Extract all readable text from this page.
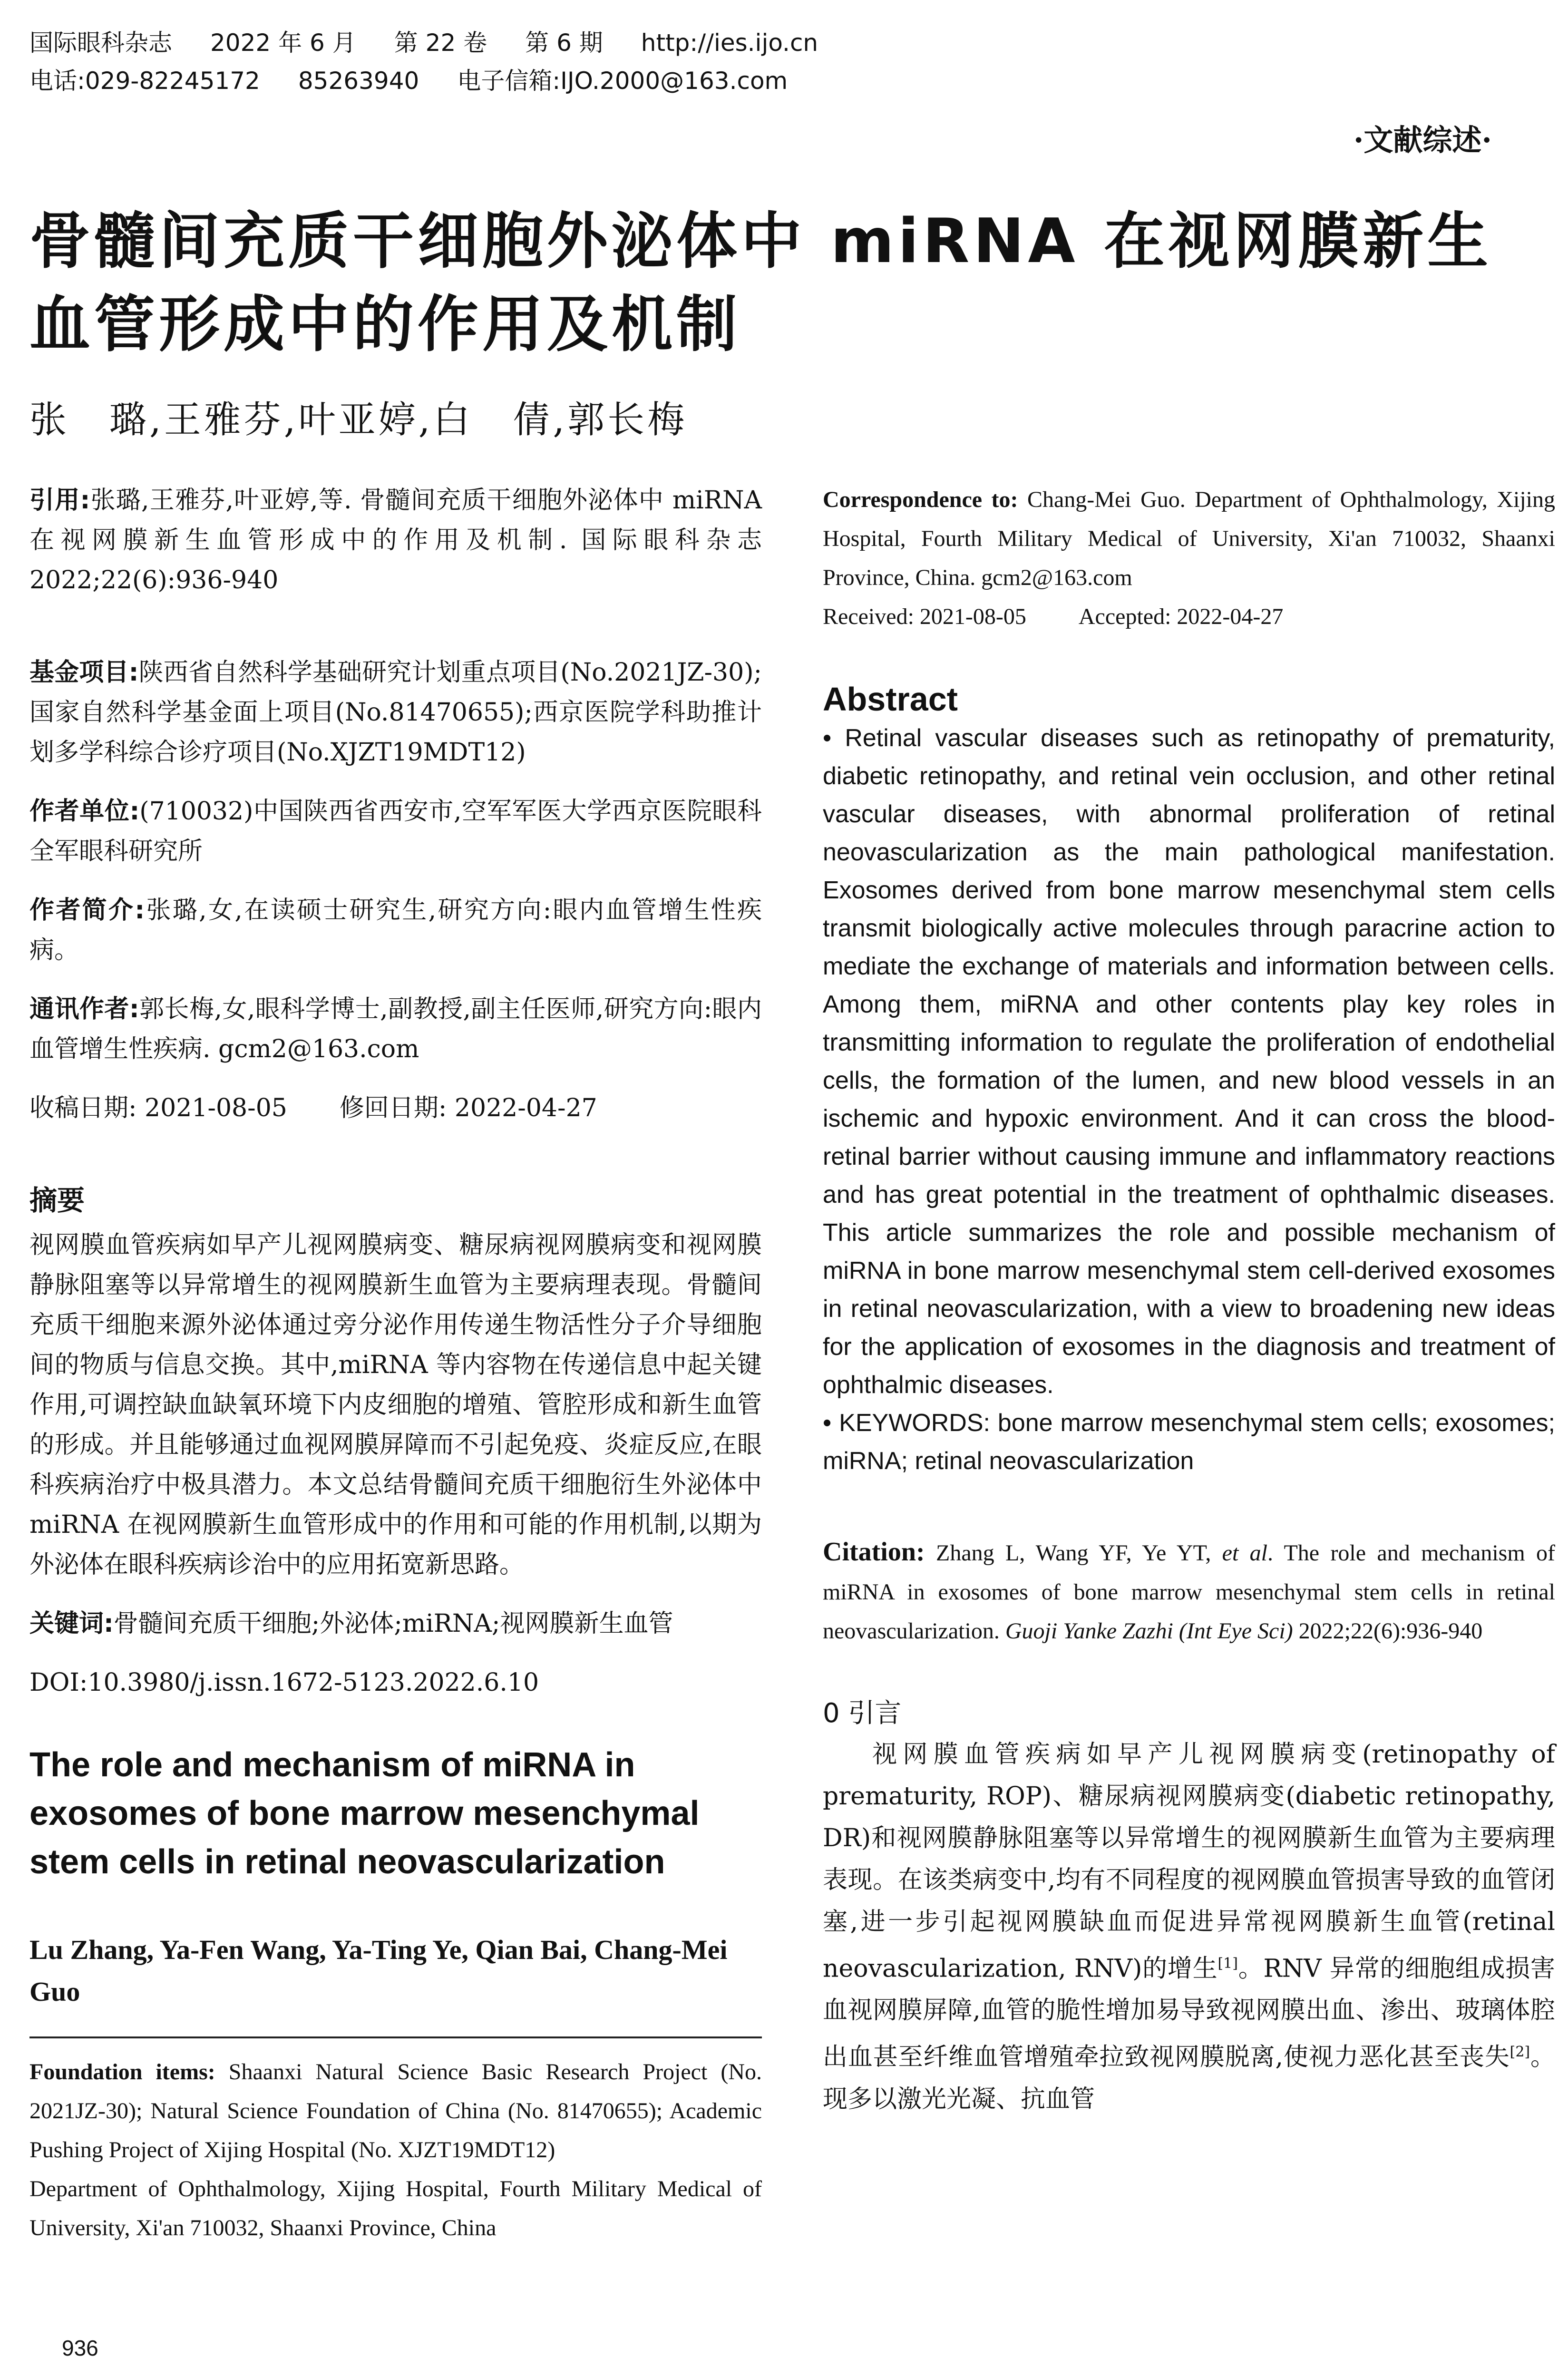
国际眼科杂志 2022 年 6 月 第 22 卷 第 6 期 http://ies.ijo.cn
电话:029-82245172 85263940 电子信箱:IJO.2000@163.com
·文献综述·
骨髓间充质干细胞外泌体中 miRNA 在视网膜新生血管形成中的作用及机制
张　璐,王雅芬,叶亚婷,白　倩,郭长梅
引用:张璐,王雅芬,叶亚婷,等. 骨髓间充质干细胞外泌体中 miRNA 在视网膜新生血管形成中的作用及机制. 国际眼科杂志 2022;22(6):936-940
基金项目:陕西省自然科学基础研究计划重点项目(No.2021JZ-30);国家自然科学基金面上项目(No.81470655);西京医院学科助推计划多学科综合诊疗项目(No.XJZT19MDT12)
作者单位:(710032)中国陕西省西安市,空军军医大学西京医院眼科 全军眼科研究所
作者简介:张璐,女,在读硕士研究生,研究方向:眼内血管增生性疾病。
通讯作者:郭长梅,女,眼科学博士,副教授,副主任医师,研究方向:眼内血管增生性疾病. gcm2@163.com
收稿日期: 2021-08-05 修回日期: 2022-04-27
摘要
视网膜血管疾病如早产儿视网膜病变、糖尿病视网膜病变和视网膜静脉阻塞等以异常增生的视网膜新生血管为主要病理表现。骨髓间充质干细胞来源外泌体通过旁分泌作用传递生物活性分子介导细胞间的物质与信息交换。其中,miRNA 等内容物在传递信息中起关键作用,可调控缺血缺氧环境下内皮细胞的增殖、管腔形成和新生血管的形成。并且能够通过血视网膜屏障而不引起免疫、炎症反应,在眼科疾病治疗中极具潜力。本文总结骨髓间充质干细胞衍生外泌体中 miRNA 在视网膜新生血管形成中的作用和可能的作用机制,以期为外泌体在眼科疾病诊治中的应用拓宽新思路。
关键词:骨髓间充质干细胞;外泌体;miRNA;视网膜新生血管
DOI:10.3980/j.issn.1672-5123.2022.6.10
The role and mechanism of miRNA in exosomes of bone marrow mesenchymal stem cells in retinal neovascularization
Lu Zhang, Ya-Fen Wang, Ya-Ting Ye, Qian Bai, Chang-Mei Guo
Foundation items: Shaanxi Natural Science Basic Research Project (No. 2021JZ-30); Natural Science Foundation of China (No. 81470655); Academic Pushing Project of Xijing Hospital (No. XJZT19MDT12)
Department of Ophthalmology, Xijing Hospital, Fourth Military Medical of University, Xi'an 710032, Shaanxi Province, China
Correspondence to: Chang-Mei Guo. Department of Ophthalmology, Xijing Hospital, Fourth Military Medical of University, Xi'an 710032, Shaanxi Province, China. gcm2@163.com
Received: 2021-08-05 Accepted: 2022-04-27
Abstract
• Retinal vascular diseases such as retinopathy of prematurity, diabetic retinopathy, and retinal vein occlusion, and other retinal vascular diseases, with abnormal proliferation of retinal neovascularization as the main pathological manifestation. Exosomes derived from bone marrow mesenchymal stem cells transmit biologically active molecules through paracrine action to mediate the exchange of materials and information between cells. Among them, miRNA and other contents play key roles in transmitting information to regulate the proliferation of endothelial cells, the formation of the lumen, and new blood vessels in an ischemic and hypoxic environment. And it can cross the blood-retinal barrier without causing immune and inflammatory reactions and has great potential in the treatment of ophthalmic diseases. This article summarizes the role and possible mechanism of miRNA in bone marrow mesenchymal stem cell-derived exosomes in retinal neovascularization, with a view to broadening new ideas for the application of exosomes in the diagnosis and treatment of ophthalmic diseases.
• KEYWORDS: bone marrow mesenchymal stem cells; exosomes; miRNA; retinal neovascularization
Citation: Zhang L, Wang YF, Ye YT, et al. The role and mechanism of miRNA in exosomes of bone marrow mesenchymal stem cells in retinal neovascularization. Guoji Yanke Zazhi (Int Eye Sci) 2022;22(6):936-940
0 引言
视网膜血管疾病如早产儿视网膜病变(retinopathy of prematurity, ROP)、糖尿病视网膜病变(diabetic retinopathy, DR)和视网膜静脉阻塞等以异常增生的视网膜新生血管为主要病理表现。在该类病变中,均有不同程度的视网膜血管损害导致的血管闭塞,进一步引起视网膜缺血而促进异常视网膜新生血管(retinal neovascularization, RNV)的增生[1]。RNV 异常的细胞组成损害血视网膜屏障,血管的脆性增加易导致视网膜出血、渗出、玻璃体腔出血甚至纤维血管增殖牵拉致视网膜脱离,使视力恶化甚至丧失[2]。现多以激光光凝、抗血管
936
